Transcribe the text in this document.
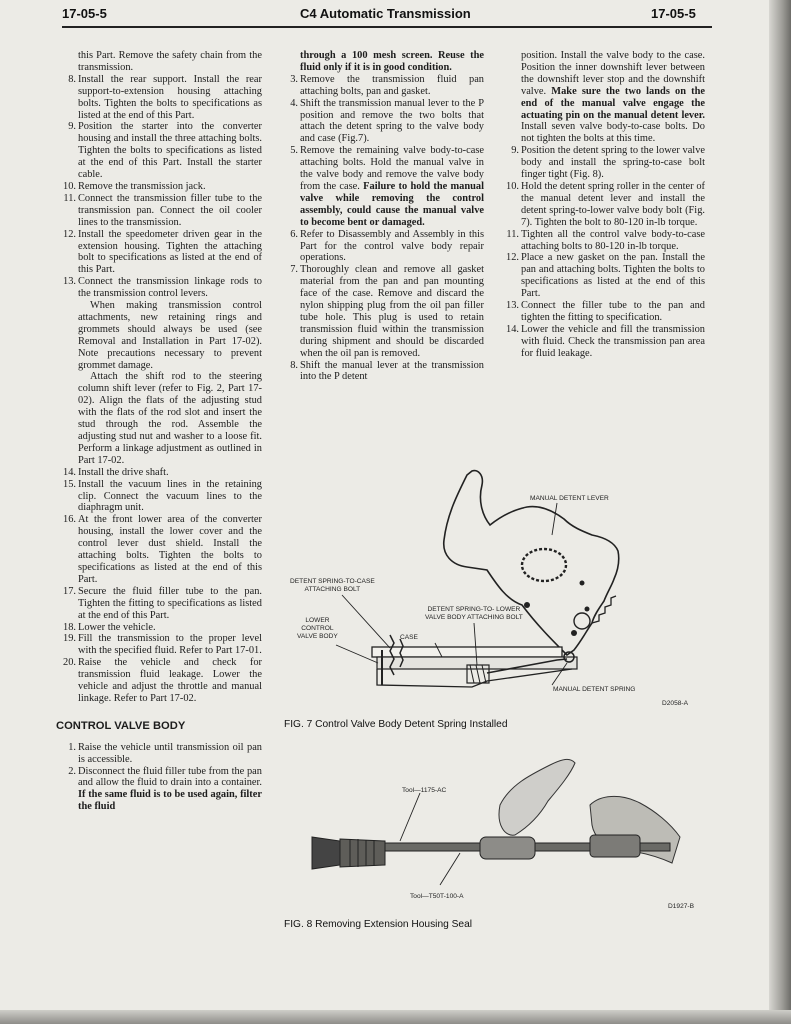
17-05-5	C4 Automatic Transmission	17-05-5

this Part. Remove the safety chain from the transmission.

8. Install the rear support. Install the rear support-to-extension housing attaching bolts. Tighten the bolts to specifications as listed at the end of this Part.
9. Position the starter into the converter housing and install the three attaching bolts. Tighten the bolts to specifications as listed at the end of this Part. Install the starter cable.
10. Remove the transmission jack.
11. Connect the transmission filler tube to the transmission pan. Connect the oil cooler lines to the transmission.
12. Install the speedometer driven gear in the extension housing. Tighten the attaching bolt to specifications as listed at the end of this Part.
13. Connect the transmission linkage rods to the transmission control levers.

When making transmission control attachments, new retaining rings and grommets should always be used (see Removal and Installation in Part 17-02). Note precautions necessary to prevent grommet damage.

Attach the shift rod to the steering column shift lever (refer to Fig. 2, Part 17-02). Align the flats of the adjusting stud with the flats of the rod slot and insert the stud through the rod. Assemble the adjusting stud nut and washer to a loose fit. Perform a linkage adjustment as outlined in Part 17-02.

14. Install the drive shaft.
15. Install the vacuum lines in the retaining clip. Connect the vacuum lines to the diaphragm unit.
16. At the front lower area of the converter housing, install the lower cover and the control lever dust shield. Install the attaching bolts. Tighten the bolts to specifications as listed at the end of this Part.
17. Secure the fluid filler tube to the pan. Tighten the fitting to specifications as listed at the end of this Part.
18. Lower the vehicle.
19. Fill the transmission to the proper level with the specified fluid. Refer to Part 17-01.
20. Raise the vehicle and check for transmission fluid leakage. Lower the vehicle and adjust the throttle and manual linkage. Refer to Part 17-02.
CONTROL VALVE BODY
1. Raise the vehicle until transmission oil pan is accessible.
2. Disconnect the fluid filler tube from the pan and allow the fluid to drain into a container. If the same fluid is to be used again, filter the fluid

through a 100 mesh screen. Reuse the fluid only if it is in good condition.

3. Remove the transmission fluid pan attaching bolts, pan and gasket.
4. Shift the transmission manual lever to the P position and remove the two bolts that attach the detent spring to the valve body and case (Fig.7).
5. Remove the remaining valve body-to-case attaching bolts. Hold the manual valve in the valve body and remove the valve body from the case. Failure to hold the manual valve while removing the control assembly, could cause the manual valve to become bent or damaged.
6. Refer to Disassembly and Assembly in this Part for the control valve body repair operations.
7. Thoroughly clean and remove all gasket material from the pan and pan mounting face of the case. Remove and discard the nylon shipping plug from the oil pan filler tube hole. This plug is used to retain transmission fluid within the transmission during shipment and should be discarded when the oil pan is removed.
8. Shift the manual lever at the transmission into the P detent

position. Install the valve body to the case. Position the inner downshift lever between the downshift lever stop and the downshift valve. Make sure the two lands on the end of the manual valve engage the actuating pin on the manual detent lever. Install seven valve body-to-case bolts. Do not tighten the bolts at this time.

9. Position the detent spring to the lower valve body and install the spring-to-case bolt finger tight (Fig. 8).
10. Hold the detent spring roller in the center of the manual detent lever and install the detent spring-to-lower valve body bolt (Fig. 7). Tighten the bolt to 80-120 in-lb torque.
11. Tighten all the control valve body-to-case attaching bolts to 80-120 in-lb torque.
12. Place a new gasket on the pan. Install the pan and attaching bolts. Tighten the bolts to specifications as listed at the end of this Part.
13. Connect the filler tube to the pan and tighten the fitting to specification.
14. Lower the vehicle and fill the transmission with fluid. Check the transmission pan area for fluid leakage.
MANUAL DETENT LEVER
DETENT SPRING-TO-CASE
ATTACHING BOLT
DETENT SPRING-TO- LOWER
VALVE BODY ATTACHING BOLT
LOWER
CONTROL
VALVE BODY	CASE
MANUAL DETENT SPRING
D2058-A
FIG. 7 Control Valve Body Detent Spring Installed
Tool—1175-AC
Tool—T50T-100-A
D1927-B
FIG. 8 Removing Extension Housing Seal
